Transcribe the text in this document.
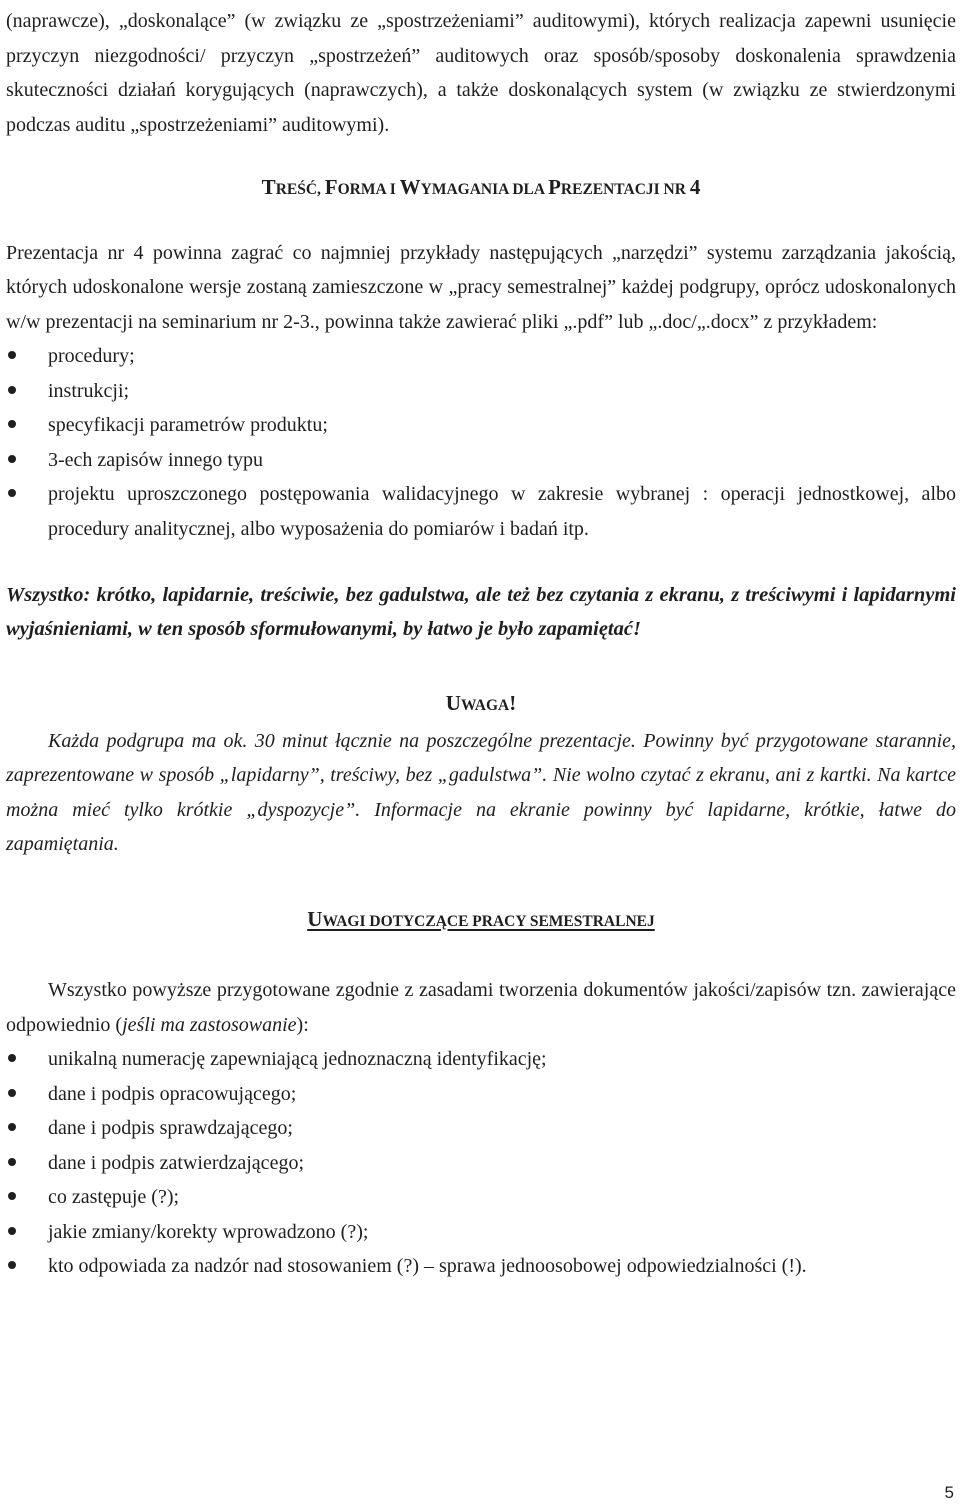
(naprawcze), „doskonalące” (w związku ze „spostrzeżeniami” auditowymi), których realizacja zapewni usunięcie przyczyn niezgodności/ przyczyn „spostrzeżeń” auditowych oraz sposób/sposoby doskonalenia sprawdzenia skuteczności działań korygujących (naprawczych), a także doskonalących system (w związku ze stwierdzonymi podczas auditu „spostrzeżeniami” auditowymi).

TREŚĆ, FORMA I WYMAGANIA DLA PREZENTACJI NR 4

Prezentacja nr 4 powinna zagrać co najmniej przykłady następujących „narzędzi” systemu zarządzania jakością, których udoskonalone wersje zostaną zamieszczone w „pracy semestralnej” każdej podgrupy, oprócz udoskonalonych w/w prezentacji na seminarium nr 2-3., powinna także zawierać pliki „.pdf” lub „.doc/„.docx” z przykładem:

procedury;
instrukcji;
specyfikacji parametrów produktu;
3-ech zapisów innego typu
projektu uproszczonego postępowania walidacyjnego w zakresie wybranej : operacji jednostkowej, albo procedury analitycznej, albo wyposażenia do pomiarów i badań itp.

Wszystko: krótko, lapidarnie, treściwie, bez gadulstwa, ale też bez czytania z ekranu, z treściwymi i lapidarnymi wyjaśnieniami, w ten sposób sformułowanymi, by łatwo je było zapamiętać!

UWAGA!

Każda podgrupa ma ok. 30 minut łącznie na poszczególne prezentacje. Powinny być przygotowane starannie, zaprezentowane w sposób „lapidarny”, treściwy, bez „gadulstwa”. Nie wolno czytać z ekranu, ani z kartki. Na kartce można mieć tylko krótkie „dyspozycje”. Informacje na ekranie powinny być lapidarne, krótkie, łatwe do zapamiętania.

UWAGI DOTYCZĄCE PRACY SEMESTRALNEJ

Wszystko powyższe przygotowane zgodnie z zasadami tworzenia dokumentów jakości/zapisów tzn. zawierające odpowiednio (jeśli ma zastosowanie):

unikalną numerację zapewniającą jednoznaczną identyfikację;
dane i podpis opracowującego;
dane i podpis sprawdzającego;
dane i podpis zatwierdzającego;
co zastępuje (?);
jakie zmiany/korekty wprowadzono (?);
kto odpowiada za nadzór nad stosowaniem (?) – sprawa jednoosobowej odpowiedzialności (!).
5
